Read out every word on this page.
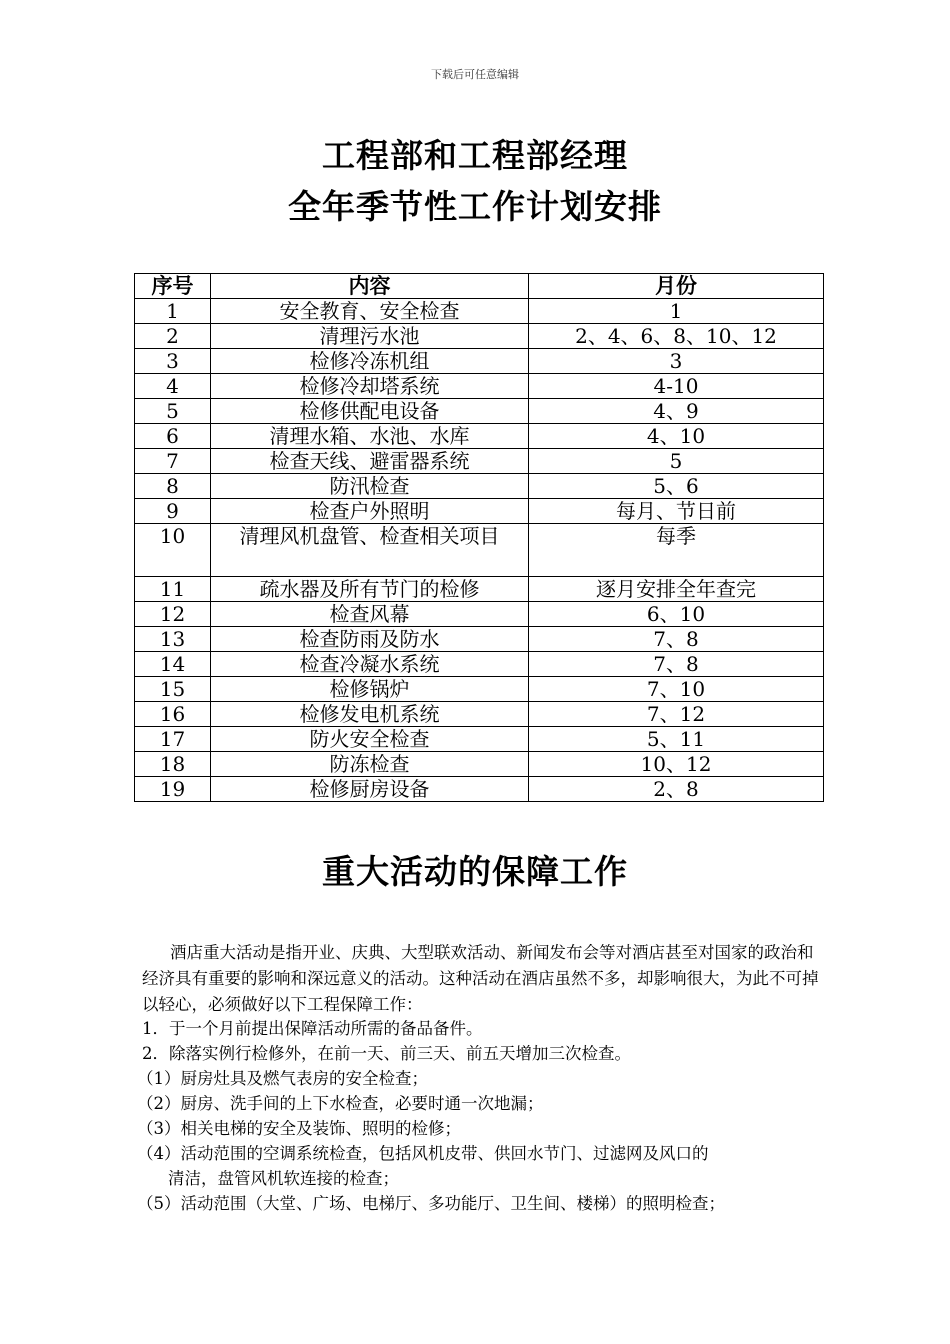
下载后可任意编辑
工程部和工程部经理
全年季节性工作计划安排
序号	内容	月份
1	安全教育、安全检查	1
2	清理污水池	2、4、6、8、10、12
3	检修冷冻机组	3
4	检修冷却塔系统	4-10
5	检修供配电设备	4、9
6	清理水箱、水池、水库	4、10
7	检查天线、避雷器系统	5
8	防汛检查	5、6
9	检查户外照明	每月、节日前
10	清理风机盘管、检查相关项目	每季
11	疏水器及所有节门的检修	逐月安排全年查完
12	检查风幕	6、10
13	检查防雨及防水	7、8
14	检查冷凝水系统	7、8
15	检修锅炉	7、10
16	检修发电机系统	7、12
17	防火安全检查	5、11
18	防冻检查	10、12
19	检修厨房设备	2、8
重大活动的保障工作
酒店重大活动是指开业、庆典、大型联欢活动、新闻发布会等对酒店甚至对国家的政治和经济具有重要的影响和深远意义的活动。这种活动在酒店虽然不多，却影响很大，为此不可掉以轻心，必须做好以下工程保障工作：
1．于一个月前提出保障活动所需的备品备件。
2．除落实例行检修外，在前一天、前三天、前五天增加三次检查。
（1）厨房灶具及燃气表房的安全检查；
（2）厨房、洗手间的上下水检查，必要时通一次地漏；
（3）相关电梯的安全及装饰、照明的检修；
（4）活动范围的空调系统检查，包括风机皮带、供回水节门、过滤网及风口的
清洁，盘管风机软连接的检查；
（5）活动范围（大堂、广场、电梯厅、多功能厅、卫生间、楼梯）的照明检查；
